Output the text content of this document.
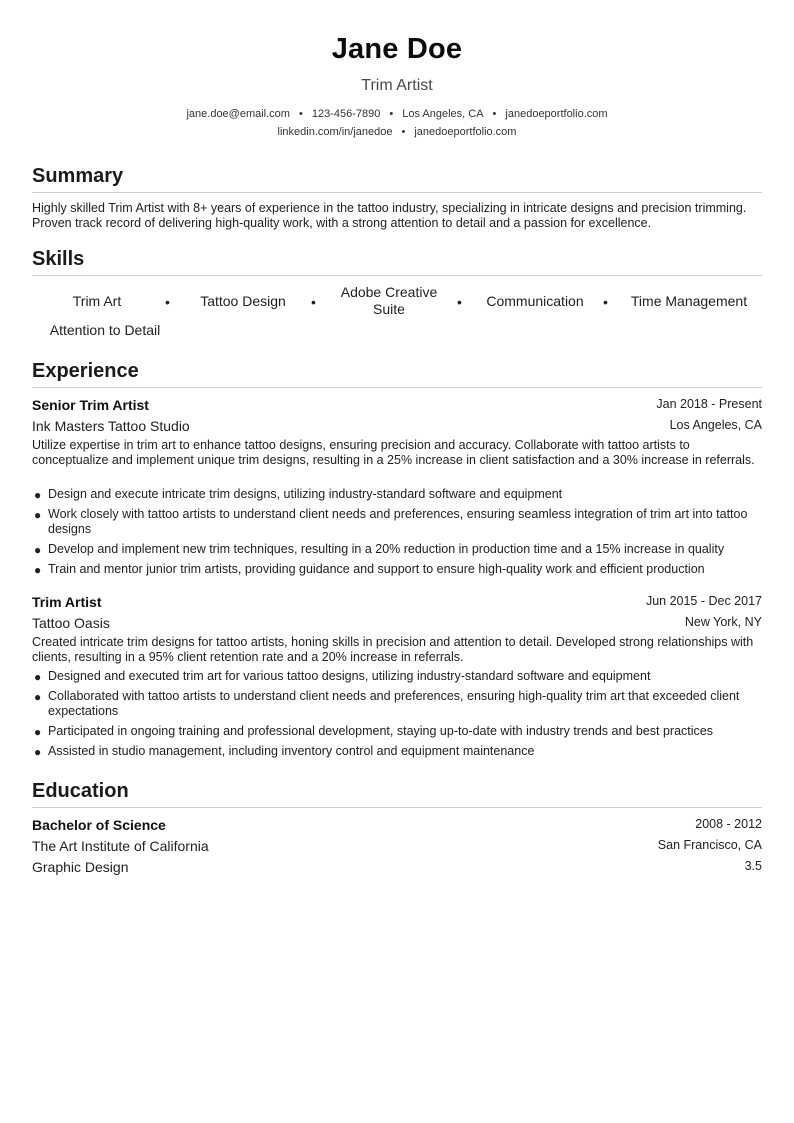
Jane Doe
Trim Artist
jane.doe@email.com • 123-456-7890 • Los Angeles, CA • janedoeportfolio.com
linkedin.com/in/janedoe • janedoeportfolio.com
Summary
Highly skilled Trim Artist with 8+ years of experience in the tattoo industry, specializing in intricate designs and precision trimming. Proven track record of delivering high-quality work, with a strong attention to detail and a passion for excellence.
Skills
Trim Art	•	Tattoo Design	•
Adobe Creative Suite	•	Communication	•	Time Management
Attention to Detail
Experience
Senior Trim Artist	Jan 2018 - Present
Ink Masters Tattoo Studio	Los Angeles, CA
Utilize expertise in trim art to enhance tattoo designs, ensuring precision and accuracy. Collaborate with tattoo artists to conceptualize and implement unique trim designs, resulting in a 25% increase in client satisfaction and a 30% increase in referrals.
● Design and execute intricate trim designs, utilizing industry-standard software and equipment
● Work closely with tattoo artists to understand client needs and preferences, ensuring seamless integration of trim art into tattoo designs
● Develop and implement new trim techniques, resulting in a 20% reduction in production time and a 15% increase in quality
● Train and mentor junior trim artists, providing guidance and support to ensure high-quality work and efficient production
Trim Artist	Jun 2015 - Dec 2017
Tattoo Oasis	New York, NY
Created intricate trim designs for tattoo artists, honing skills in precision and attention to detail. Developed strong relationships with clients, resulting in a 95% client retention rate and a 20% increase in referrals.
● Designed and executed trim art for various tattoo designs, utilizing industry-standard software and equipment
● Collaborated with tattoo artists to understand client needs and preferences, ensuring high-quality trim art that exceeded client expectations
● Participated in ongoing training and professional development, staying up-to-date with industry trends and best practices
● Assisted in studio management, including inventory control and equipment maintenance
Education
Bachelor of Science	2008 - 2012
The Art Institute of California	San Francisco, CA
Graphic Design	3.5
